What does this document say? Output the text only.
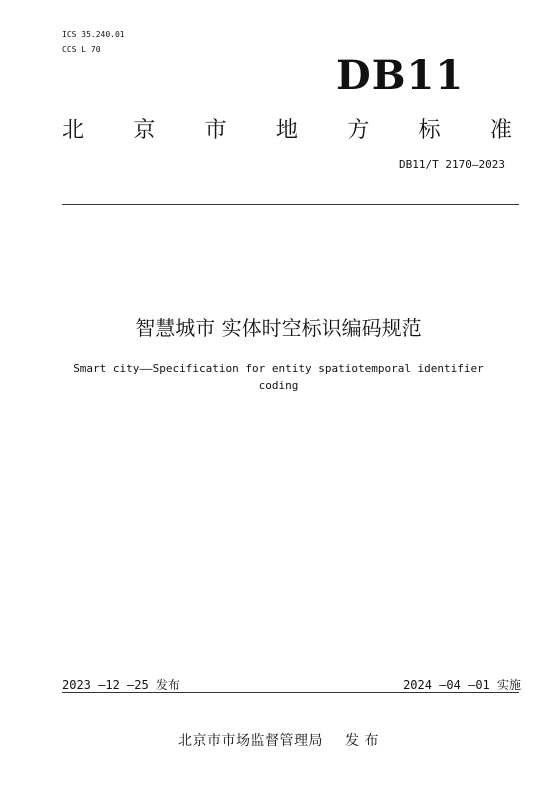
ICS 35.240.01
CCS L 70
DB11
北 京 市 地 方 标 准
DB11/T 2170—2023
智慧城市 实体时空标识编码规范
Smart city——Specification for entity spatiotemporal identifier
coding
2023 —12 —25 发布	2024 —04 —01 实施
北京市市场监督管理局 发 布
